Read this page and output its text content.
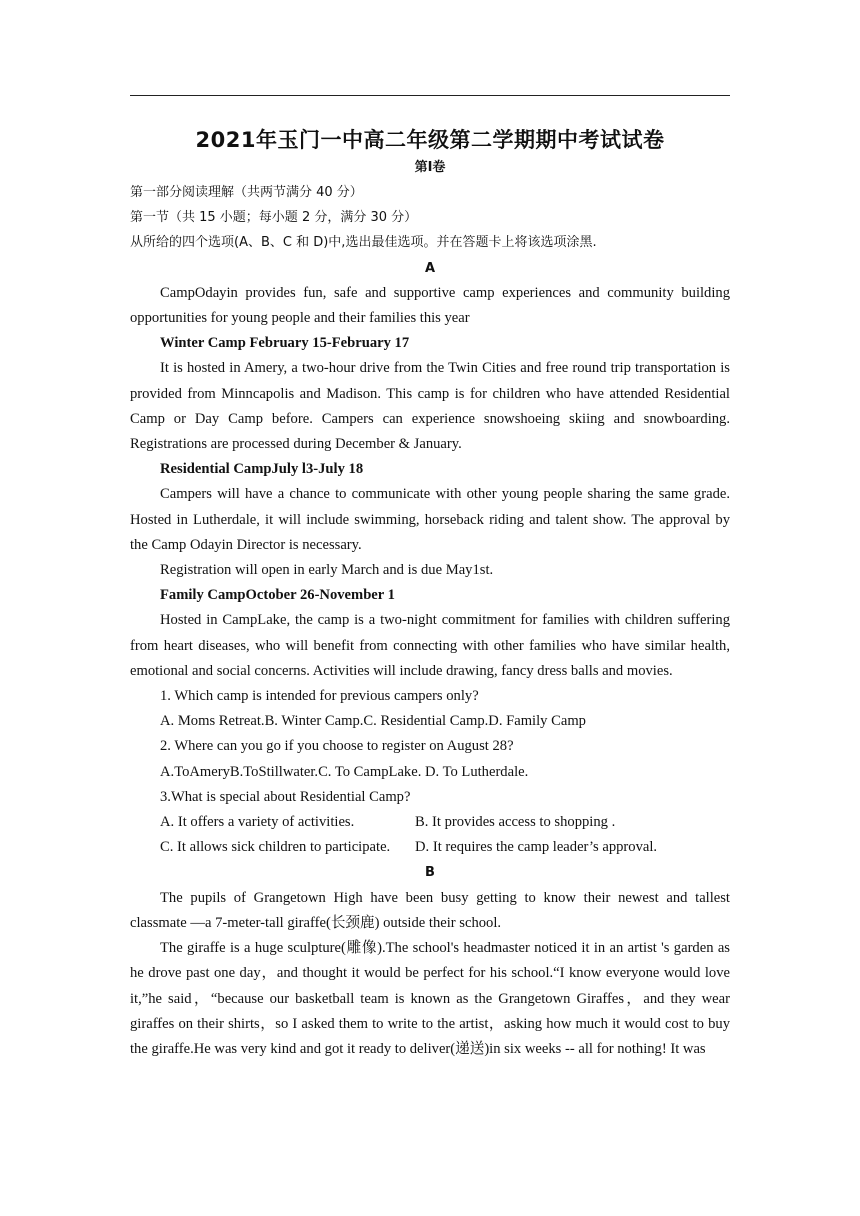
2021年玉门一中高二年级第二学期期中考试试卷

第I卷

第一部分阅读理解（共两节满分 40 分）

第一节（共 15 小题；每小题 2 分，满分 30 分）

从所给的四个选项(A、B、C 和 D)中,选出最佳选项。并在答题卡上将该选项涂黑.

A

CampOdayin provides fun, safe and supportive camp experiences and community building opportunities for young people and their families this year

Winter Camp February 15-February 17

It is hosted in Amery, a two-hour drive from the Twin Cities and free round trip transportation is provided from Minncapolis and Madison. This camp is for children who have attended Residential Camp or Day Camp before. Campers can experience snowshoeing skiing and snowboarding. Registrations are processed during December & January.

Residential CampJuly l3-July 18

Campers will have a chance to communicate with other young people sharing the same grade. Hosted in Lutherdale, it will include swimming, horseback riding and talent show. The approval by the Camp Odayin Director is necessary.

Registration will open in early March and is due May1st.

Family CampOctober 26-November 1

Hosted in CampLake, the camp is a two-night commitment for families with children suffering from heart diseases, who will benefit from connecting with other families who have similar health, emotional and social concerns. Activities will include drawing, fancy dress balls and movies.

1. Which camp is intended for previous campers only?

A. Moms Retreat.B. Winter Camp.C. Residential Camp.D. Family Camp

2. Where can you go if you choose to register on August 28?

A.ToAmeryB.ToStillwater.C. To CampLake. D. To Lutherdale.

3.What is special about Residential Camp?

A. It offers a variety of activities.	B. It provides access to shopping .
C. It allows sick children to participate.	D. It requires the camp leader’s approval.

B

The pupils of Grangetown High have been busy getting to know their newest and tallest classmate —a 7-meter-tall giraffe(长颈鹿) outside their school.

The giraffe is a huge sculpture(雕像).The school's headmaster noticed it in an artist 's garden as he drove past one day，and thought it would be perfect for his school.“I know everyone would love it,”he said，“because our basketball team is known as the Grangetown Giraffes，and they wear giraffes on their shirts，so I asked them to write to the artist，asking how much it would cost to buy the giraffe.He was very kind and got it ready to deliver(递送)in six weeks -- all for nothing! It was
